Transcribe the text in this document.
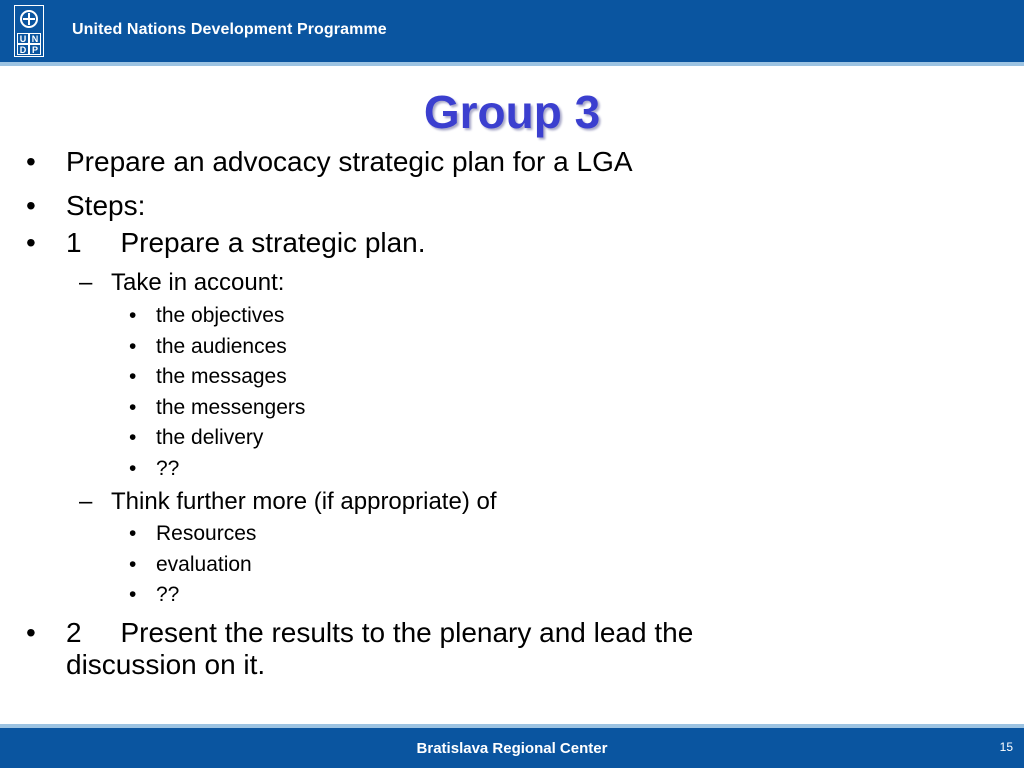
U N
D P
United Nations Development Programme
Group 3
• Prepare an advocacy strategic plan for a LGA
• Steps:
• 1     Prepare a strategic plan.
– Take in account:
• the objectives
• the audiences
• the messages
• the messengers
• the delivery
• ??
– Think further more (if appropriate) of
• Resources
• evaluation
• ??
• 2     Present the results to the plenary and lead the
discussion on it.
Bratislava Regional Center	15
